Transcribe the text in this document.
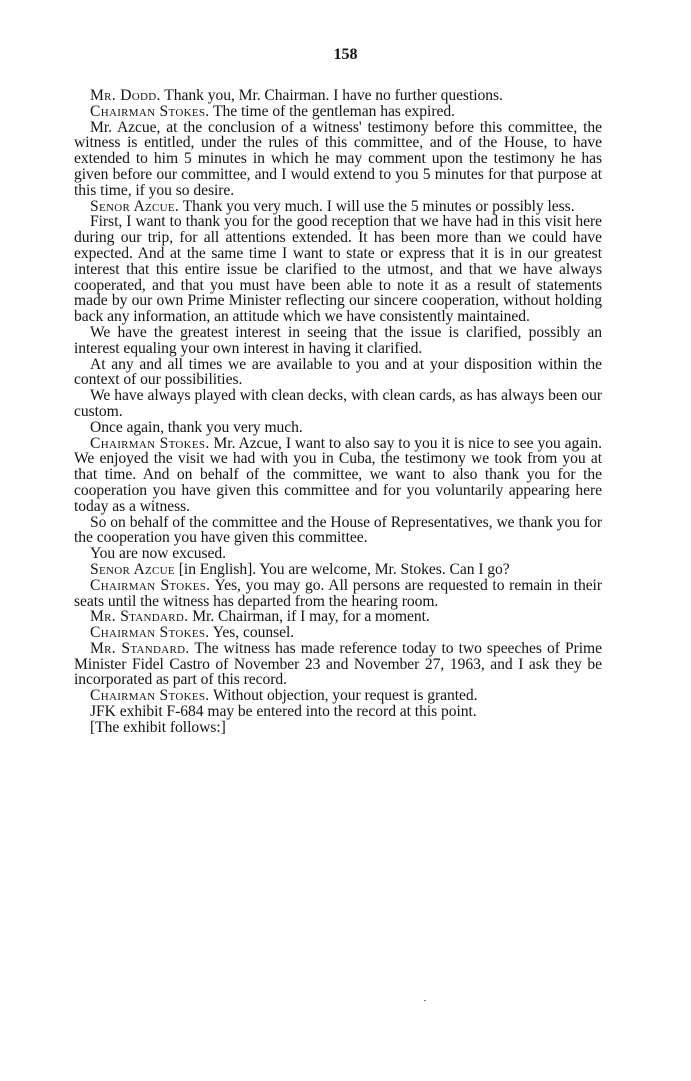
158

Mr. Dodd. Thank you, Mr. Chairman. I have no further questions.

Chairman Stokes. The time of the gentleman has expired.

Mr. Azcue, at the conclusion of a witness' testimony before this committee, the witness is entitled, under the rules of this committee, and of the House, to have extended to him 5 minutes in which he may comment upon the testimony he has given before our committee, and I would extend to you 5 minutes for that purpose at this time, if you so desire.

Senor Azcue. Thank you very much. I will use the 5 minutes or possibly less.

First, I want to thank you for the good reception that we have had in this visit here during our trip, for all attentions extended. It has been more than we could have expected. And at the same time I want to state or express that it is in our greatest interest that this entire issue be clarified to the utmost, and that we have always cooperated, and that you must have been able to note it as a result of statements made by our own Prime Minister reflecting our sincere cooperation, without holding back any information, an attitude which we have consistently maintained.

We have the greatest interest in seeing that the issue is clarified, possibly an interest equaling your own interest in having it clarified.

At any and all times we are available to you and at your disposition within the context of our possibilities.

We have always played with clean decks, with clean cards, as has always been our custom.

Once again, thank you very much.

Chairman Stokes. Mr. Azcue, I want to also say to you it is nice to see you again. We enjoyed the visit we had with you in Cuba, the testimony we took from you at that time. And on behalf of the committee, we want to also thank you for the cooperation you have given this committee and for you voluntarily appearing here today as a witness.

So on behalf of the committee and the House of Representatives, we thank you for the cooperation you have given this committee.

You are now excused.

Senor Azcue [in English]. You are welcome, Mr. Stokes. Can I go?

Chairman Stokes. Yes, you may go. All persons are requested to remain in their seats until the witness has departed from the hearing room.

Mr. Standard. Mr. Chairman, if I may, for a moment.

Chairman Stokes. Yes, counsel.

Mr. Standard. The witness has made reference today to two speeches of Prime Minister Fidel Castro of November 23 and November 27, 1963, and I ask they be incorporated as part of this record.

Chairman Stokes. Without objection, your request is granted.

JFK exhibit F-684 may be entered into the record at this point.

[The exhibit follows:]
